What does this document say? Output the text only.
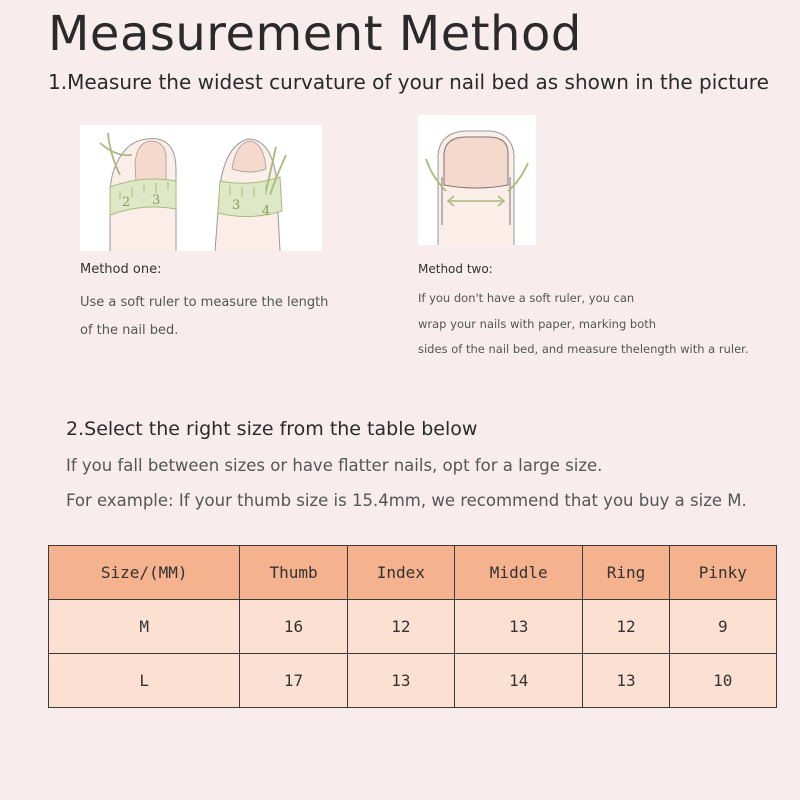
Measurement Method
1.Measure the widest curvature of your nail bed as shown in the picture
2 3	3 4
Method one:
Use a soft ruler to measure the length
of the nail bed.
Method two:
If you don't have a soft ruler, you can
wrap your nails with paper, marking both
sides of the nail bed, and measure thelength with a ruler.
2.Select the right size from the table below
If you fall between sizes or have flatter nails, opt for a large size.
For example: If your thumb size is 15.4mm, we recommend that you buy a size M.
Size/(MM)	Thumb	Index	Middle	Ring	Pinky
M	16	12	13	12	9
L	17	13	14	13	10
